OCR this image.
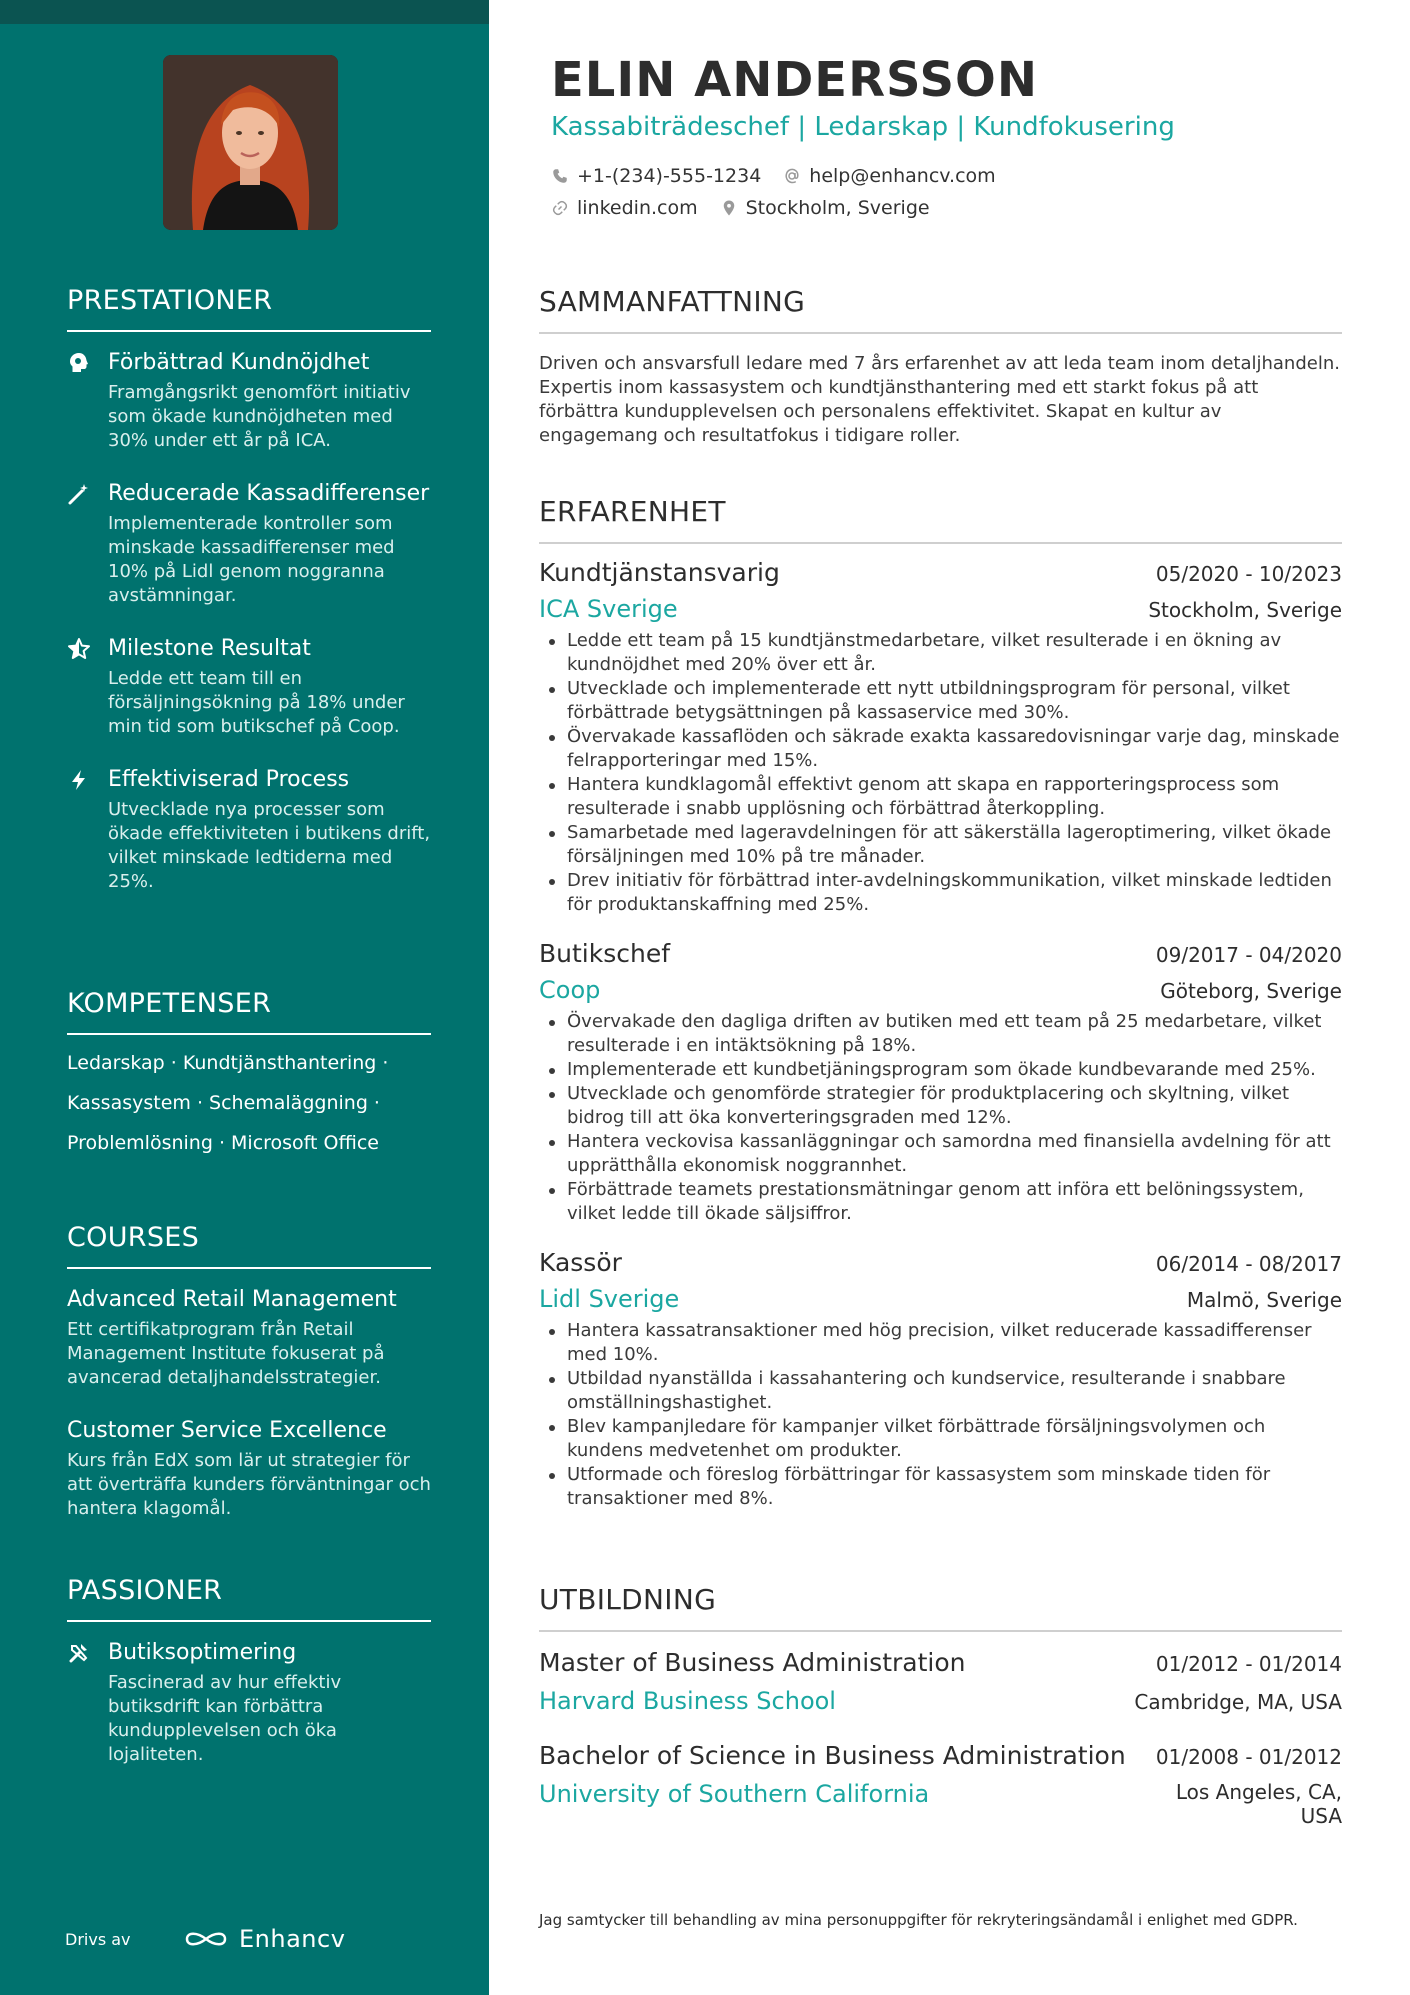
PRESTATIONER
Förbättrad Kundnöjdhet
Framgångsrikt genomfört initiativ som ökade kundnöjdheten med 30% under ett år på ICA.
Reducerade Kassadifferenser
Implementerade kontroller som minskade kassadifferenser med 10% på Lidl genom noggranna avstämningar.
Milestone Resultat
Ledde ett team till en försäljningsökning på 18% under min tid som butikschef på Coop.
Effektiviserad Process
Utvecklade nya processer som ökade effektiviteten i butikens drift, vilket minskade ledtiderna med 25%.
KOMPETENSER
Ledarskap · Kundtjänsthantering ·
Kassasystem · Schemaläggning ·
Problemlösning · Microsoft Office
COURSES
Advanced Retail Management
Ett certifikatprogram från Retail Management Institute fokuserat på avancerad detaljhandelsstrategier.
Customer Service Excellence
Kurs från EdX som lär ut strategier för att överträffa kunders förväntningar och hantera klagomål.
PASSIONER
Butiksoptimering
Fascinerad av hur effektiv butiksdrift kan förbättra kundupplevelsen och öka lojaliteten.
Drivs av	Enhancv
ELIN ANDERSSON
Kassabiträdeschef | Ledarskap | Kundfokusering
+1-(234)-555-1234	help@enhancv.com
linkedin.com	Stockholm, Sverige
SAMMANFATTNING
Driven och ansvarsfull ledare med 7 års erfarenhet av att leda team inom detaljhandeln. Expertis inom kassasystem och kundtjänsthantering med ett starkt fokus på att förbättra kundupplevelsen och personalens effektivitet. Skapat en kultur av engagemang och resultatfokus i tidigare roller.
ERFARENHET
Kundtjänstansvarig	05/2020 - 10/2023
ICA Sverige	Stockholm, Sverige
Ledde ett team på 15 kundtjänstmedarbetare, vilket resulterade i en ökning av kundnöjdhet med 20% över ett år.
Utvecklade och implementerade ett nytt utbildningsprogram för personal, vilket förbättrade betygsättningen på kassaservice med 30%.
Övervakade kassaflöden och säkrade exakta kassaredovisningar varje dag, minskade felrapporteringar med 15%.
Hantera kundklagomål effektivt genom att skapa en rapporteringsprocess som resulterade i snabb upplösning och förbättrad återkoppling.
Samarbetade med lageravdelningen för att säkerställa lageroptimering, vilket ökade försäljningen med 10% på tre månader.
Drev initiativ för förbättrad inter-avdelningskommunikation, vilket minskade ledtiden för produktanskaffning med 25%.
Butikschef	09/2017 - 04/2020
Coop	Göteborg, Sverige
Övervakade den dagliga driften av butiken med ett team på 25 medarbetare, vilket resulterade i en intäktsökning på 18%.
Implementerade ett kundbetjäningsprogram som ökade kundbevarande med 25%.
Utvecklade och genomförde strategier för produktplacering och skyltning, vilket bidrog till att öka konverteringsgraden med 12%.
Hantera veckovisa kassanläggningar och samordna med finansiella avdelning för att upprätthålla ekonomisk noggrannhet.
Förbättrade teamets prestationsmätningar genom att införa ett belöningssystem, vilket ledde till ökade säljsiffror.
Kassör	06/2014 - 08/2017
Lidl Sverige	Malmö, Sverige
Hantera kassatransaktioner med hög precision, vilket reducerade kassadifferenser med 10%.
Utbildad nyanställda i kassahantering och kundservice, resulterande i snabbare omställningshastighet.
Blev kampanjledare för kampanjer vilket förbättrade försäljningsvolymen och kundens medvetenhet om produkter.
Utformade och föreslog förbättringar för kassasystem som minskade tiden för transaktioner med 8%.
UTBILDNING
Master of Business Administration	01/2012 - 01/2014
Harvard Business School	Cambridge, MA, USA
Bachelor of Science in Business Administration 01/2008 - 01/2012
University of Southern California	Los Angeles, CA,
USA
Jag samtycker till behandling av mina personuppgifter för rekryteringsändamål i enlighet med GDPR.
